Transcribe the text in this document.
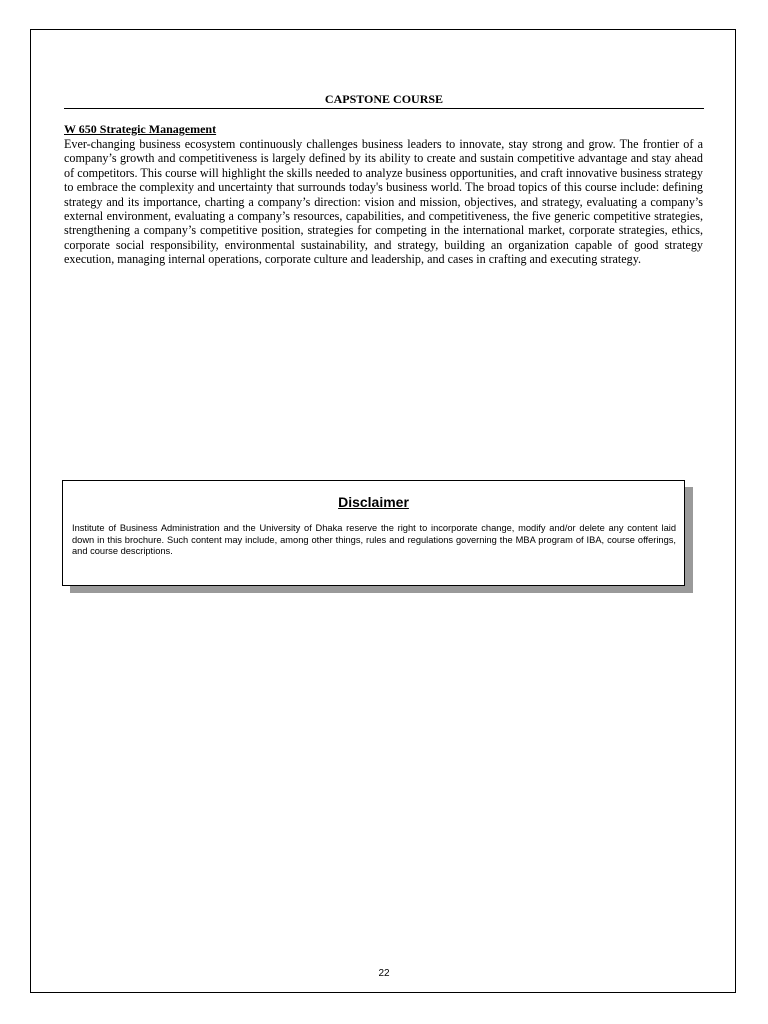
CAPSTONE COURSE

W 650 Strategic Management

Ever-changing business ecosystem continuously challenges business leaders to innovate, stay strong and grow. The frontier of a company’s growth and competitiveness is largely defined by its ability to create and sustain competitive advantage and stay ahead of competitors. This course will highlight the skills needed to analyze business opportunities, and craft innovative business strategy to embrace the complexity and uncertainty that surrounds today's business world. The broad topics of this course include: defining strategy and its importance, charting a company’s direction: vision and mission, objectives, and strategy, evaluating a company’s external environment, evaluating a company’s resources, capabilities, and competitiveness, the five generic competitive strategies, strengthening a company’s competitive position, strategies for competing in the international market, corporate strategies, ethics, corporate social responsibility, environmental sustainability, and strategy, building an organization capable of good strategy execution, managing internal operations, corporate culture and leadership, and cases in crafting and executing strategy.

Disclaimer

Institute of Business Administration and the University of Dhaka reserve the right to incorporate change, modify and/or delete any content laid down in this brochure. Such content may include, among other things, rules and regulations governing the MBA program of IBA, course offerings, and course descriptions.

22
